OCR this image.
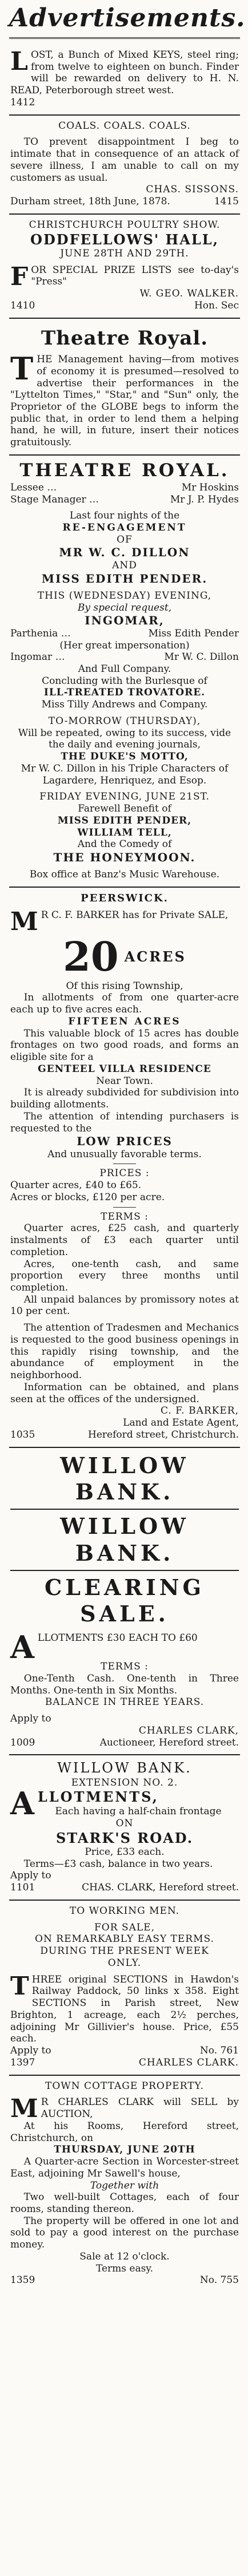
Advertisements.

LOST, a Bunch of Mixed KEYS, steel ring; from twelve to eighteen on bunch. Finder will be rewarded on delivery to H. N. READ, Peterborough street west.

1412

COALS. COALS. COALS.

TO prevent disappointment I beg to intimate that in consequence of an attack of severe illness, I am unable to call on my customers as usual.

CHAS. SISSONS.

Durham street, 18th June, 1878.	1415

CHRISTCHURCH POULTRY SHOW.

ODDFELLOWS' HALL,

JUNE 28TH AND 29TH.

FOR SPECIAL PRIZE LISTS see to-day's "Press"

W. GEO. WALKER.

1410	Hon. Sec
Theatre Royal.

THE Management having—from motives of economy it is presumed—resolved to advertise their performances in the "Lyttelton Times," "Star," and "Sun" only, the Proprietor of the GLOBE begs to inform the public that, in order to lend them a helping hand, he will, in future, insert their notices gratuitously.

THEATRE ROYAL.

Lessee …	Mr Hoskins
Stage Manager …	Mr J. P. Hydes

Last four nights of the

RE-ENGAGEMENT

OF

MR W. C. DILLON

AND

MISS EDITH PENDER.

THIS (WEDNESDAY) EVENING,

By special request,

INGOMAR,

Parthenia …	Miss Edith Pender

(Her great impersonation)

Ingomar …	Mr W. C. Dillon

And Full Company.

Concluding with the Burlesque of

ILL-TREATED TROVATORE.

Miss Tilly Andrews and Company.

TO-MORROW (THURSDAY),

Will be repeated, owing to its success, vide the daily and evening journals,

THE DUKE'S MOTTO,

Mr W. C. Dillon in his Triple Characters of Lagardere, Henriquez, and Esop.

FRIDAY EVENING, JUNE 21ST.

Farewell Benefit of

MISS EDITH PENDER,

WILLIAM TELL,

And the Comedy of

THE HONEYMOON.

Box office at Banz's Music Warehouse.

PEERSWICK.

M R C. F. BARKER has for Private SALE,

20 ACRES

Of this rising Township,

In allotments of from one quarter-acre each up to five acres each.

FIFTEEN ACRES

This valuable block of 15 acres has double frontages on two good roads, and forms an eligible site for a

GENTEEL VILLA RESIDENCE

Near Town.

It is already subdivided for subdivision into building allotments.

The attention of intending purchasers is requested to the

LOW PRICES

And unusually favorable terms.

PRICES :

Quarter acres, £40 to £65.

Acres or blocks, £120 per acre.

TERMS :

Quarter acres, £25 cash, and quarterly instalments of £3 each quarter until completion.

Acres, one-tenth cash, and same proportion every three months until completion.

All unpaid balances by promissory notes at 10 per cent.

The attention of Tradesmen and Mechanics is requested to the good business openings in this rapidly rising township, and the abundance of employment in the neighborhood.

Information can be obtained, and plans seen at the offices of the undersigned.

C. F. BARKER,

Land and Estate Agent,

1035	Hereford street, Christchurch.

WILLOW BANK.

WILLOW BANK.

CLEARING SALE.

ALLOTMENTS £30 EACH TO £60

TERMS :

One-Tenth Cash. One-tenth in Three Months. One-tenth in Six Months.

BALANCE IN THREE YEARS.

Apply to

CHARLES CLARK,

1009	Auctioneer, Hereford street.

WILLOW BANK.

EXTENSION NO. 2.

ALLOTMENTS,

Each having a half-chain frontage

ON

STARK'S ROAD.

Price, £33 each.

Terms—£3 cash, balance in two years.

Apply to

1101	CHAS. CLARK, Hereford street.

TO WORKING MEN.

FOR SALE,

ON REMARKABLY EASY TERMS.

DURING THE PRESENT WEEK

ONLY.

THREE original SECTIONS in Hawdon's Railway Paddock, 50 links x 358. Eight SECTIONS in Parish street, New Brighton, 1 acreage, each 2½ perches, adjoining Mr Gillivier's house. Price, £55 each.

Apply to	No. 761
1397	CHARLES CLARK.

TOWN COTTAGE PROPERTY.

M R CHARLES CLARK will SELL by AUCTION,

At his Rooms, Hereford street, Christchurch, on

THURSDAY, JUNE 20TH

A Quarter-acre Section in Worcester-street East, adjoining Mr Sawell's house,

Together with

Two well-built Cottages, each of four rooms, standing thereon.

The property will be offered in one lot and sold to pay a good interest on the purchase money.

Sale at 12 o'clock.

Terms easy.

1359	No. 755
